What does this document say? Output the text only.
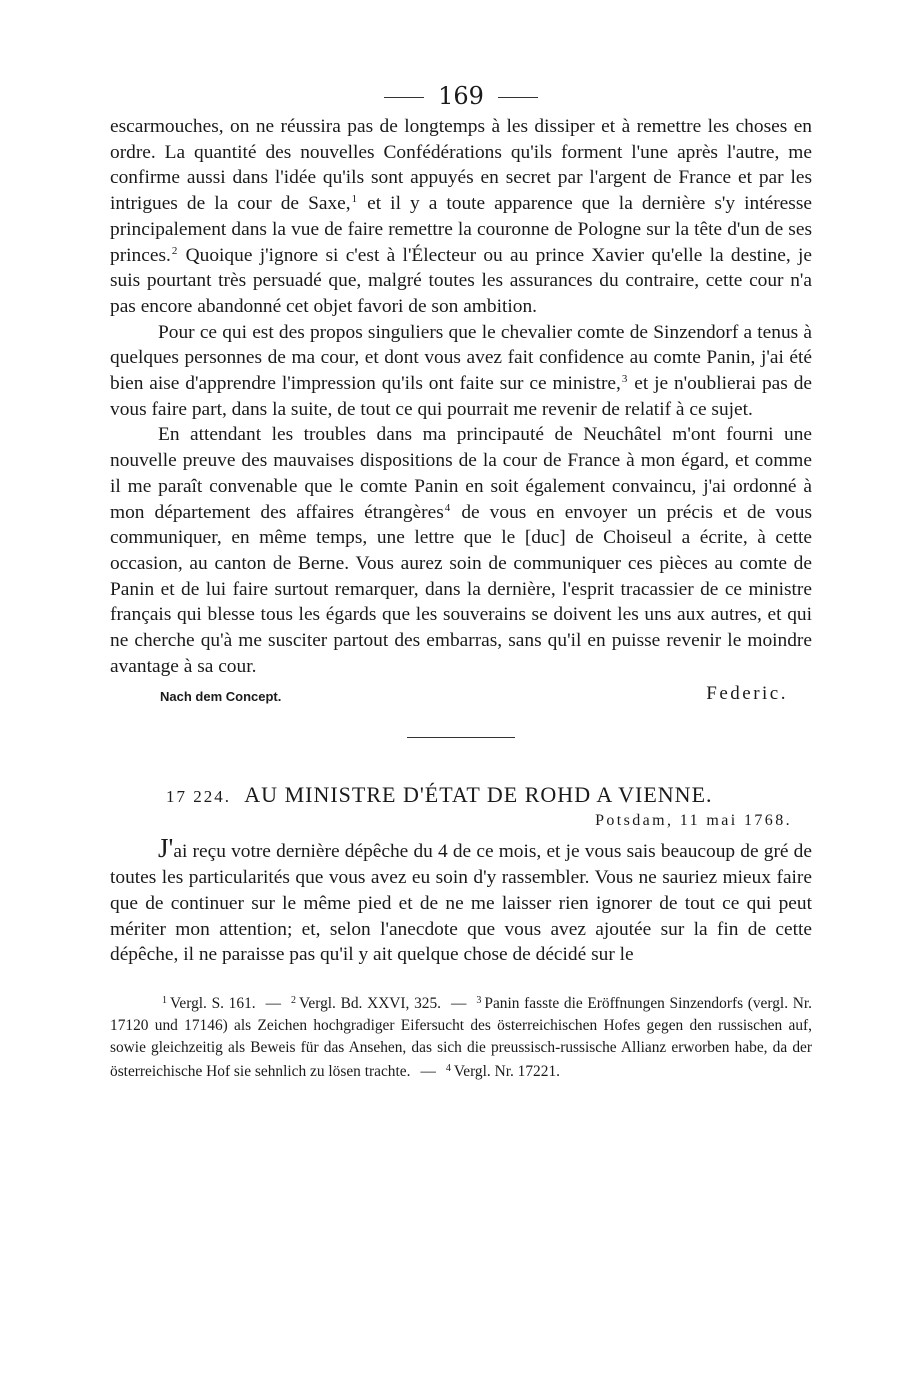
169

escarmouches, on ne réussira pas de longtemps à les dissiper et à remettre les choses en ordre. La quantité des nouvelles Confédérations qu'ils forment l'une après l'autre, me confirme aussi dans l'idée qu'ils sont appuyés en secret par l'argent de France et par les intrigues de la cour de Saxe,$^1$ et il y a toute apparence que la dernière s'y intéresse principalement dans la vue de faire remettre la couronne de Pologne sur la tête d'un de ses princes.$^2$ Quoique j'ignore si c'est à l'Électeur ou au prince Xavier qu'elle la destine, je suis pourtant très persuadé que, malgré toutes les assurances du contraire, cette cour n'a pas encore abandonné cet objet favori de son ambition.

Pour ce qui est des propos singuliers que le chevalier comte de Sinzendorf a tenus à quelques personnes de ma cour, et dont vous avez fait confidence au comte Panin, j'ai été bien aise d'apprendre l'impression qu'ils ont faite sur ce ministre,$^3$ et je n'oublierai pas de vous faire part, dans la suite, de tout ce qui pourrait me revenir de relatif à ce sujet.

En attendant les troubles dans ma principauté de Neuchâtel m'ont fourni une nouvelle preuve des mauvaises dispositions de la cour de France à mon égard, et comme il me paraît convenable que le comte Panin en soit également convaincu, j'ai ordonné à mon département des affaires étrangères$^4$ de vous en envoyer un précis et de vous communiquer, en même temps, une lettre que le [duc] de Choiseul a écrite, à cette occasion, au canton de Berne. Vous aurez soin de communiquer ces pièces au comte de Panin et de lui faire surtout remarquer, dans la dernière, l'esprit tracassier de ce ministre français qui blesse tous les égards que les souverains se doivent les uns aux autres, et qui ne cherche qu'à me susciter partout des embarras, sans qu'il en puisse revenir le moindre avantage à sa cour.

Nach dem Concept.	Federic.
17 224. AU MINISTRE D'ÉTAT DE ROHD A VIENNE.
Potsdam, 11 mai 1768.

J'ai reçu votre dernière dépêche du 4 de ce mois, et je vous sais beaucoup de gré de toutes les particularités que vous avez eu soin d'y rassembler. Vous ne sauriez mieux faire que de continuer sur le même pied et de ne me laisser rien ignorer de tout ce qui peut mériter mon attention; et, selon l'anecdote que vous avez ajoutée sur la fin de cette dépêche, il ne paraisse pas qu'il y ait quelque chose de décidé sur le

$^1$ Vergl. S. 161. — $^2$ Vergl. Bd. XXVI, 325. — $^3$ Panin fasste die Eröffnungen Sinzendorfs (vergl. Nr. 17120 und 17146) als Zeichen hochgradiger Eifersucht des österreichischen Hofes gegen den russischen auf, sowie gleichzeitig als Beweis für das Ansehen, das sich die preussisch-russische Allianz erworben habe, da der österreichische Hof sie sehnlich zu lösen trachte. — $^4$ Vergl. Nr. 17221.
